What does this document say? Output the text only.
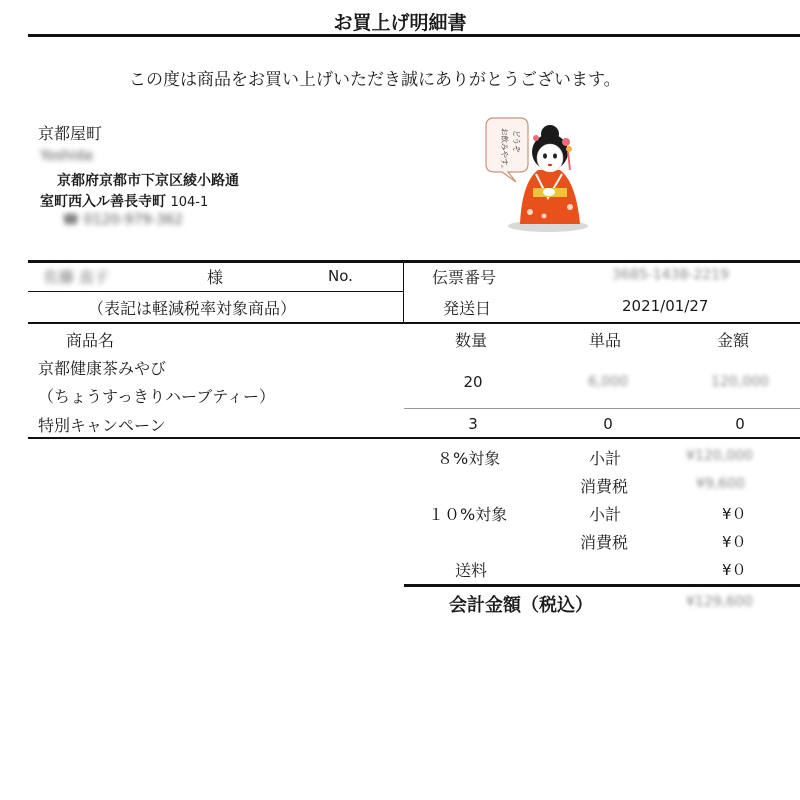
お買上げ明細書
この度は商品をお買い上げいただき誠にありがとうございます。
京都屋町
Yoshida
京都府京都市下京区綾小路通
室町西入ル善長寺町 104-1
☎ 0120-979-362
どうぞ
お飲みやす。
佐藤 直子	様	No.
（表記は軽減税率対象商品）
伝票番号	3685-1438-2219
発送日	2021/01/27
商品名	数量	単品	金額
京都健康茶みやび
（ちょうすっきりハーブティー）
20	6,000	120,000
特別キャンペーン	3	0	0
８%対象	小計	¥120,000
消費税	¥9,600
１０%対象	小計	¥０
消費税	¥０
送料	¥０
会計金額（税込）	¥129,600
